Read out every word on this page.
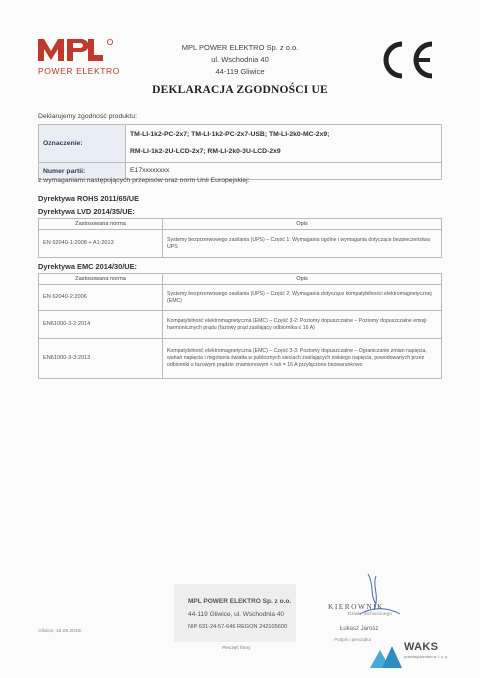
POWER ELEKTRO
MPL POWER ELEKTRO Sp. z o.o.
ul. Wschodnia 40
44-119 Gliwice
DEKLARACJA ZGODNOŚCI UE
Deklarujemy zgodność produktu:
Oznaczenie:	TM-LI-1k2-PC-2x7; TM-LI-1k2-PC-2x7-USB; TM-LI-2k0-MC-2x9;
RM-LI-1k2-2U-LCD-2x7; RM-LI-2k0-3U-LCD-2x9

Numer partii:	E17xxxxxxxx
z wymaganiami następujących przepisów oraz norm Unii Europejskiej:
Dyrektywa ROHS 2011/65/UE
Dyrektywa LVD 2014/35/UE:
Zastosowana norma	Opis
EN 62040-1:2008 + A1:2013	Systemy bezprzerwowego zasilania (UPS) – Część 1: Wymagania ogólne i wymagania dotyczące bezpieczeństwa UPS
Dyrektywa EMC 2014/30/UE:
Zastosowana norma	Opis
EN 62040-2:2006	Systemy bezprzerwowego zasilania (UPS) – Część 2: Wymagania dotyczące kompatybilności elektromagnetycznej (EMC)
EN61000-3-2:2014	Kompatybilność elektromagnetyczna (EMC) – Część 3-2: Poziomy dopuszczalne – Poziomy dopuszczalne emisji harmonicznych prądu (fazowy prąd zasilający odbiornika ≤ 16 A)
EN61000-3-3:2013	Kompatybilność elektromagnetyczna (EMC) – Część 3-3: Poziomy dopuszczalne – Ograniczanie zmian napięcia, wahań napięcia i migotania światła w publicznych sieciach zasilających niskiego napięcia, powodowanych przez odbiorniki o fazowym prądzie znamionowym < lub = 16 A przyłączone bezwarunkowo
Gliwice, 16.08.2016r.
MPL POWER ELEKTRO Sp. z o.o.
44-119 Gliwice, ul. Wschodnia 40
NIP 631-24-57-646 REGON 242105600
Pieczęć firmy
KIEROWNIK
Działu Technicznego
Łukasz Jarosz
Podpis i pieczątka
WAKS
przedsiębiorstwo w. l. s. p.
